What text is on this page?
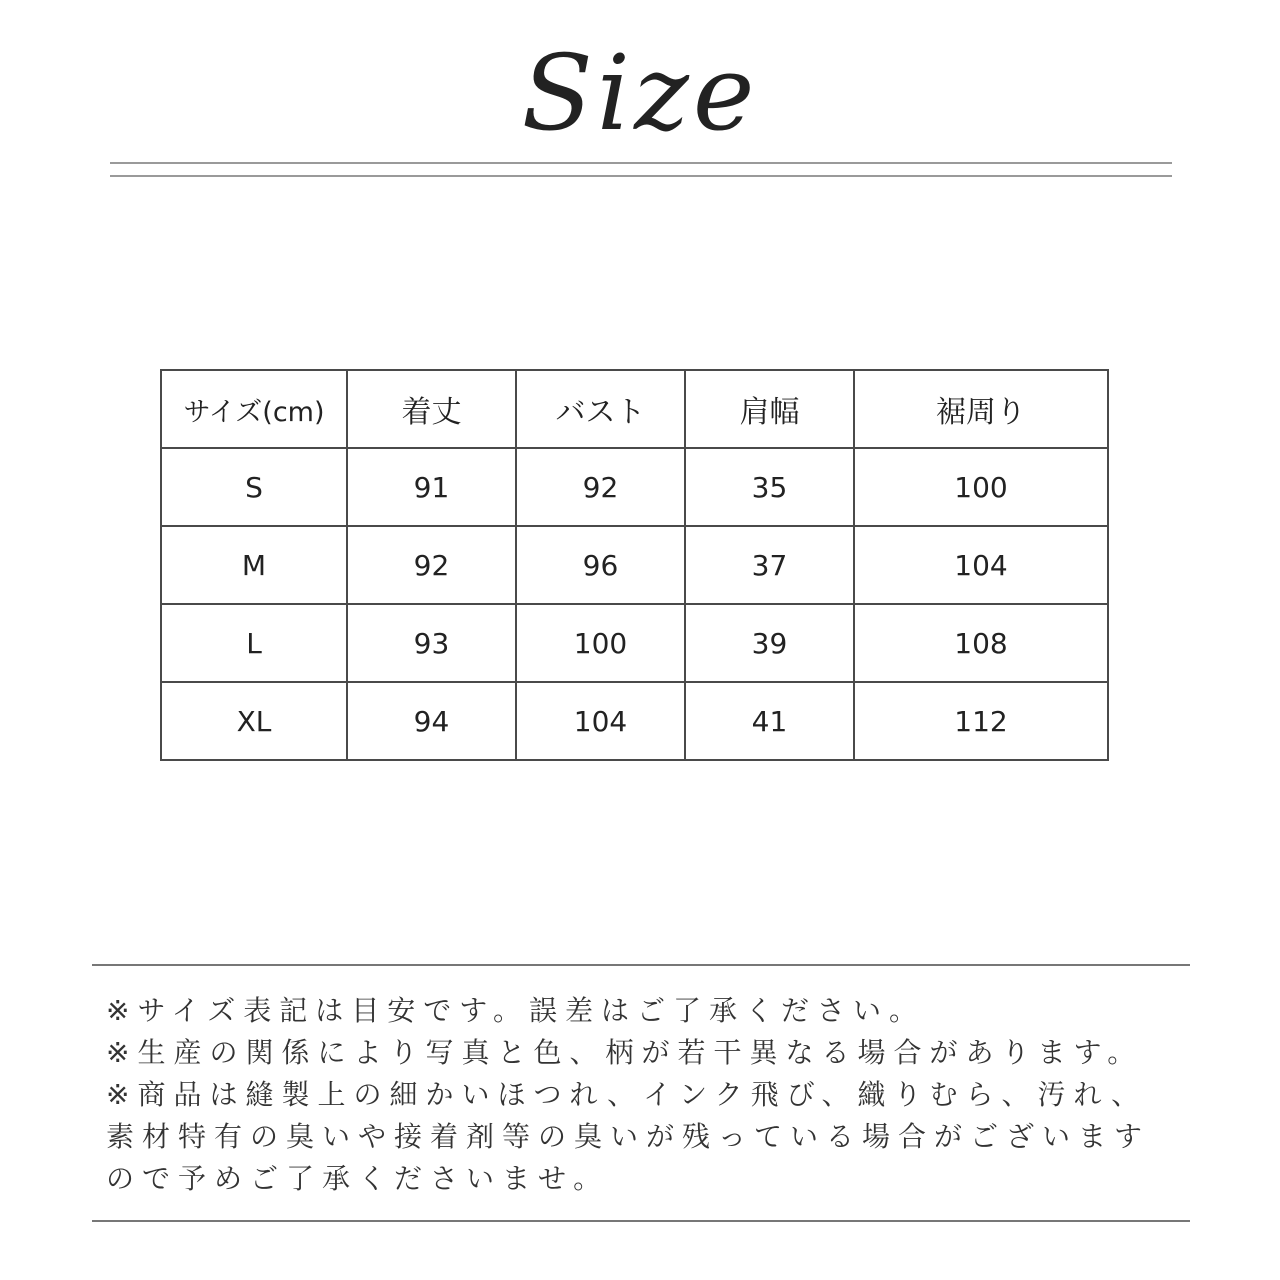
Size
サイズ(cm)	着丈	バスト	肩幅	裾周り
S	91	92	35	100
M	92	96	37	104
L	93	100	39	108
XL	94	104	41	112
※サイズ表記は目安です。誤差はご了承ください。
※生産の関係により写真と色、柄が若干異なる場合があります。
※商品は縫製上の細かいほつれ、インク飛び、織りむら、汚れ、
素材特有の臭いや接着剤等の臭いが残っている場合がございます
ので予めご了承くださいませ。
